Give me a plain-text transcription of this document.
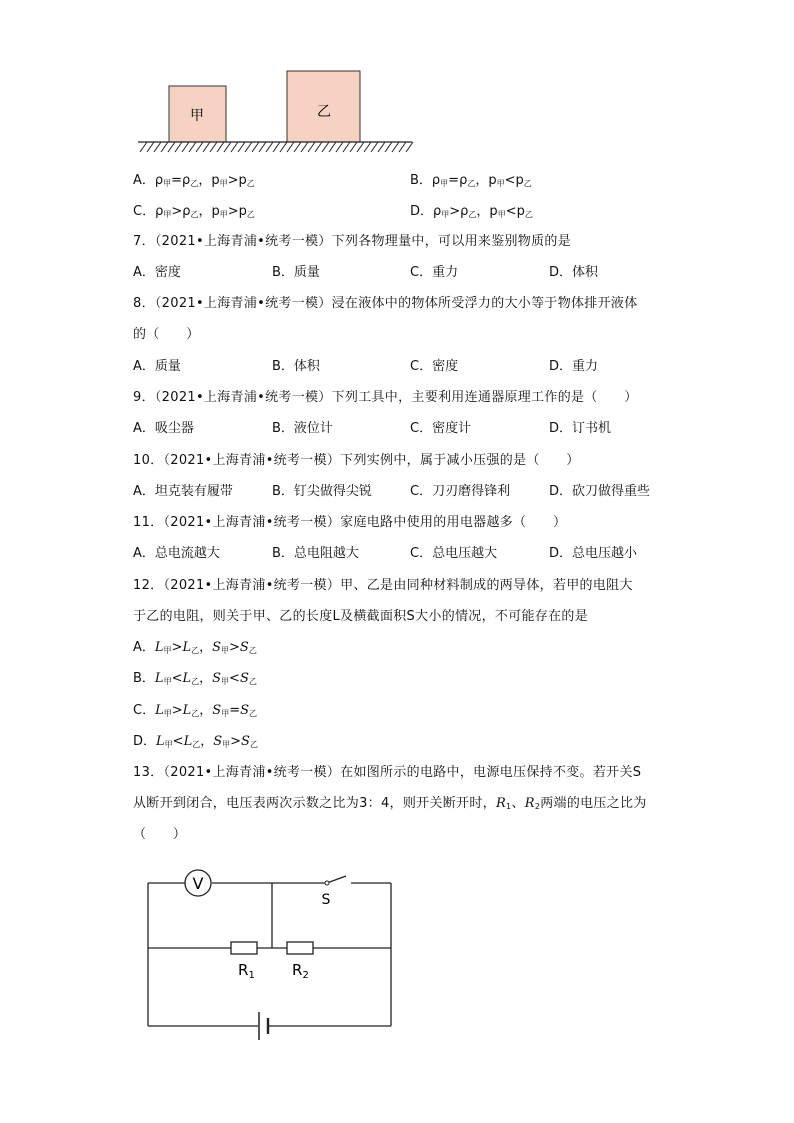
甲	乙
A．$\rho_甲=\rho_乙$，$p_甲>p_乙$	B．$\rho_甲=\rho_乙$，$p_甲<p_乙$
C．$\rho_甲>\rho_乙$，$p_甲>p_乙$	D．$\rho_甲>\rho_乙$，$p_甲<p_乙$
7．（2021•上海青浦•统考一模）下列各物理量中，可以用来鉴别物质的是
A．密度	B．质量	C．重力	D．体积
8．（2021•上海青浦•统考一模）浸在液体中的物体所受浮力的大小等于物体排开液体
的（　　）
A．质量	B．体积	C．密度	D．重力
9．（2021•上海青浦•统考一模）下列工具中，主要利用连通器原理工作的是（　　）
A．吸尘器	B．液位计	C．密度计	D．订书机
10．（2021•上海青浦•统考一模）下列实例中，属于减小压强的是（　　）
A．坦克装有履带	B．钉尖做得尖锐	C．刀刃磨得锋利	D．砍刀做得重些
11．（2021•上海青浦•统考一模）家庭电路中使用的用电器越多（　　）
A．总电流越大	B．总电阻越大	C．总电压越大	D．总电压越小
12．（2021•上海青浦•统考一模）甲、乙是由同种材料制成的两导体，若甲的电阻大
于乙的电阻，则关于甲、乙的长度L及横截面积S大小的情况，不可能存在的是
A．$L_甲>L_乙$，$S_甲>S_乙$
B．$L_甲<L_乙$，$S_甲<S_乙$
C．$L_甲>L_乙$，$S_甲=S_乙$
D．$L_甲<L_乙$，$S_甲>S_乙$
13．（2021•上海青浦•统考一模）在如图所示的电路中，电源电压保持不变。若开关S
从断开到闭合，电压表两次示数之比为3：4，则开关断开时，$R_1$、$R_2$两端的电压之比为
（　　）
V
S
$R_1$ $R_2$
